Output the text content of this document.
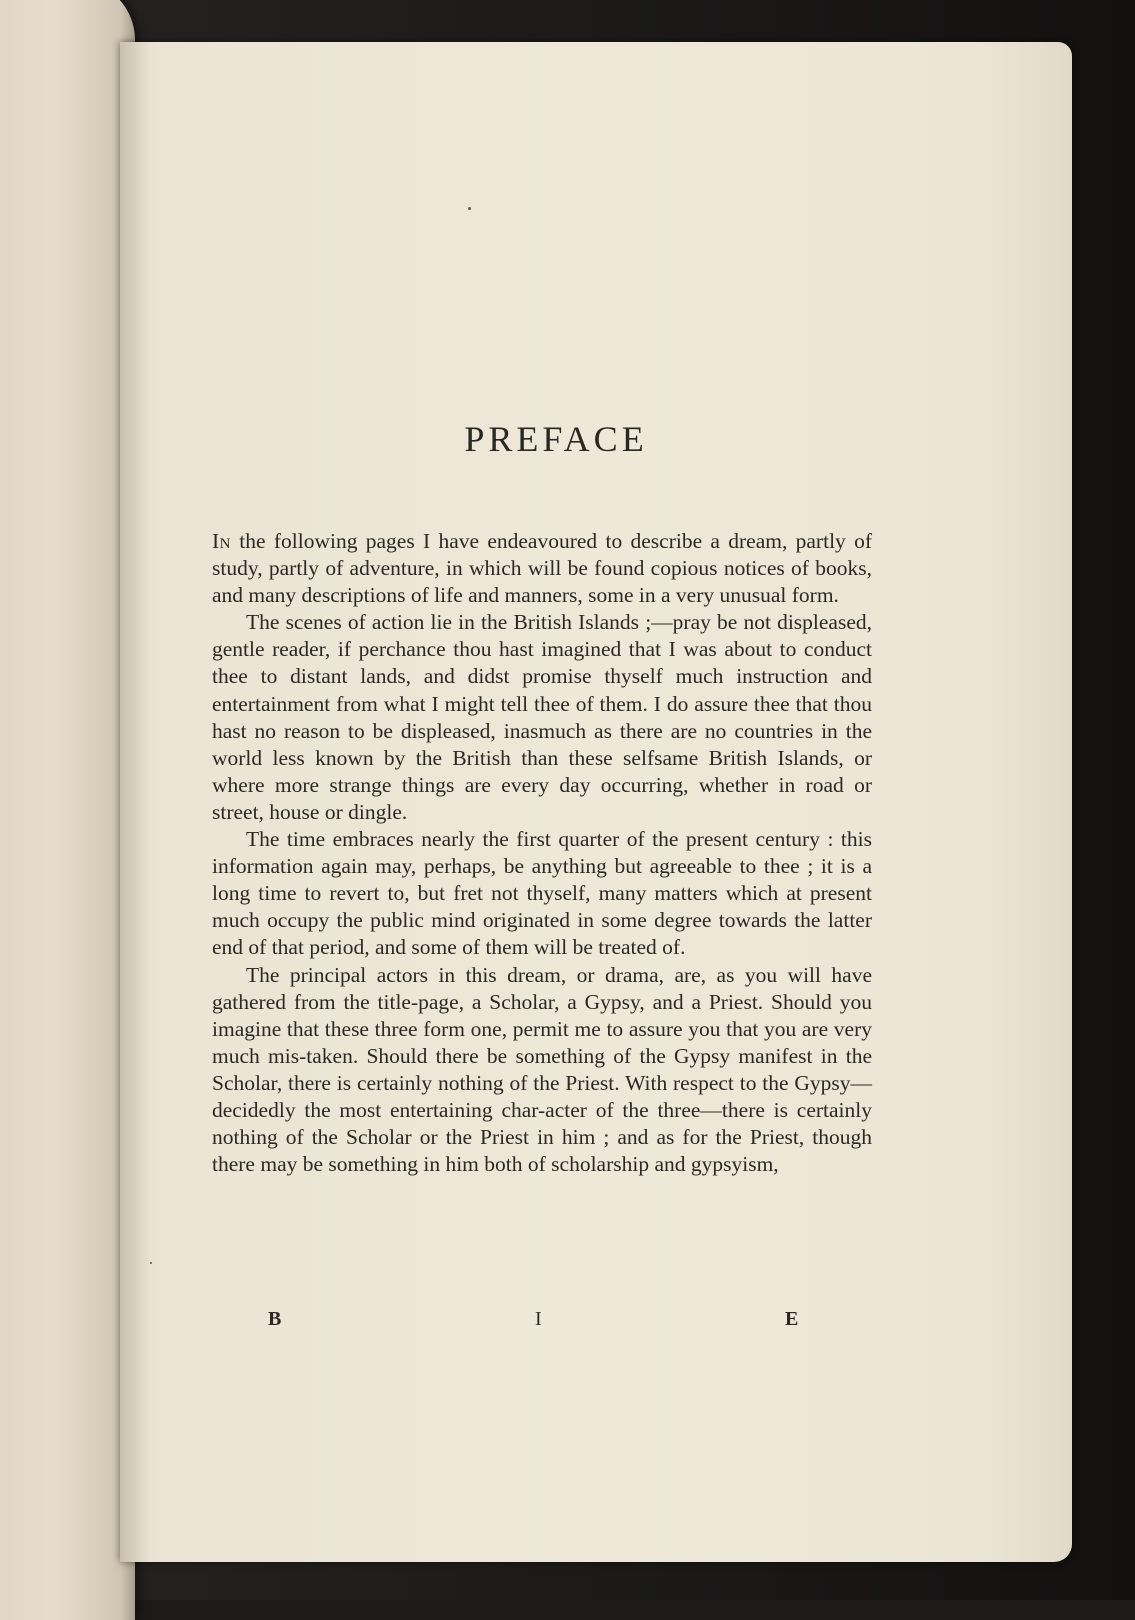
PREFACE

In the following pages I have endeavoured to describe a dream, partly of study, partly of adventure, in which will be found copious notices of books, and many descriptions of life and manners, some in a very unusual form.

The scenes of action lie in the British Islands ;—pray be not displeased, gentle reader, if perchance thou hast imagined that I was about to conduct thee to distant lands, and didst promise thyself much instruction and entertainment from what I might tell thee of them. I do assure thee that thou hast no reason to be displeased, inasmuch as there are no countries in the world less known by the British than these selfsame British Islands, or where more strange things are every day occurring, whether in road or street, house or dingle.

The time embraces nearly the first quarter of the present century : this information again may, perhaps, be anything but agreeable to thee ; it is a long time to revert to, but fret not thyself, many matters which at present much occupy the public mind originated in some degree towards the latter end of that period, and some of them will be treated of.

The principal actors in this dream, or drama, are, as you will have gathered from the title-page, a Scholar, a Gypsy, and a Priest. Should you imagine that these three form one, permit me to assure you that you are very much mis-taken. Should there be something of the Gypsy manifest in the Scholar, there is certainly nothing of the Priest. With respect to the Gypsy—decidedly the most entertaining char-acter of the three—there is certainly nothing of the Scholar or the Priest in him ; and as for the Priest, though there may be something in him both of scholarship and gypsyism,

B	I	E
